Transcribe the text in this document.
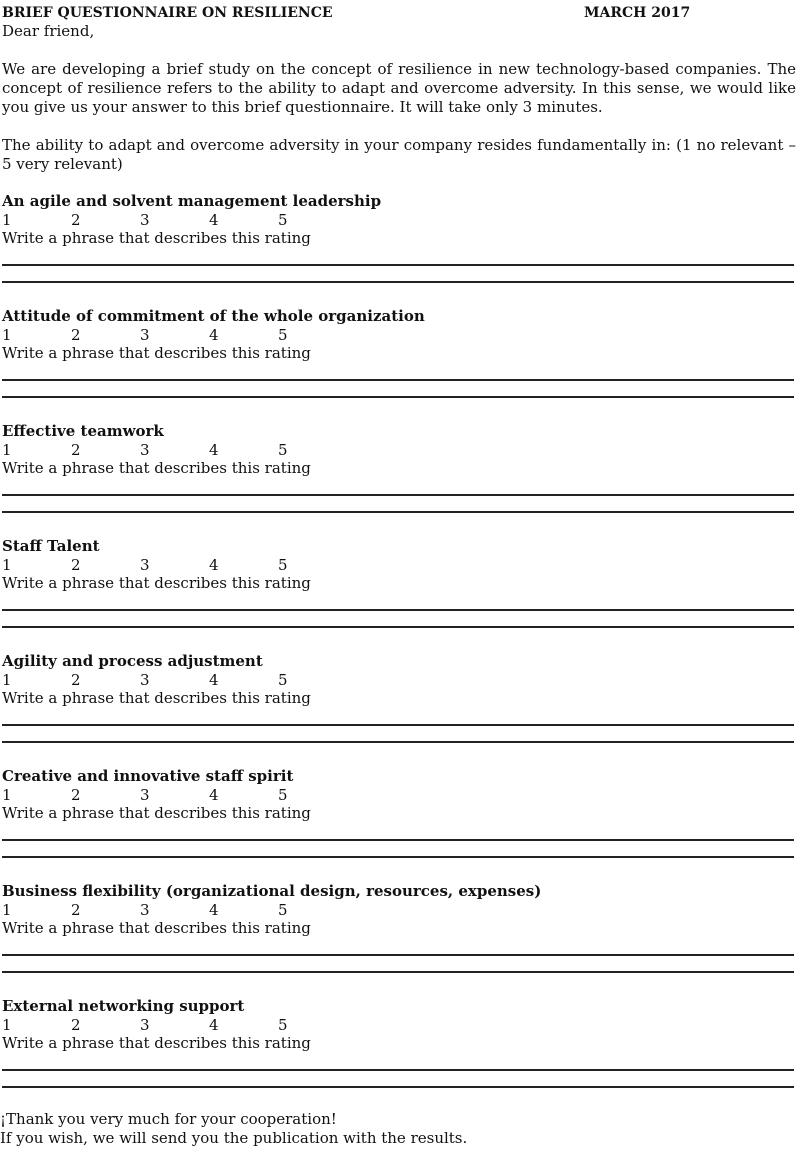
BRIEF QUESTIONNAIRE ON RESILIENCE	MARCH 2017

Dear friend,

We are developing a brief study on the concept of resilience in new technology-based companies. The concept of resilience refers to the ability to adapt and overcome adversity. In this sense, we would like you give us your answer to this brief questionnaire. It will take only 3 minutes.

The ability to adapt and overcome adversity in your company resides fundamentally in: (1 no relevant – 5 very relevant)

An agile and solvent management leadership
1	2	3	4	5
Write a phrase that describes this rating
Attitude of commitment of the whole organization
1	2	3	4	5
Write a phrase that describes this rating
Effective teamwork
1	2	3	4	5
Write a phrase that describes this rating
Staff Talent
1	2	3	4	5
Write a phrase that describes this rating
Agility and process adjustment
1	2	3	4	5
Write a phrase that describes this rating
Creative and innovative staff spirit
1	2	3	4	5
Write a phrase that describes this rating
Business flexibility (organizational design, resources, expenses)
1	2	3	4	5
Write a phrase that describes this rating
External networking support
1	2	3	4	5
Write a phrase that describes this rating
¡Thank you very much for your cooperation!
If you wish, we will send you the publication with the results.
